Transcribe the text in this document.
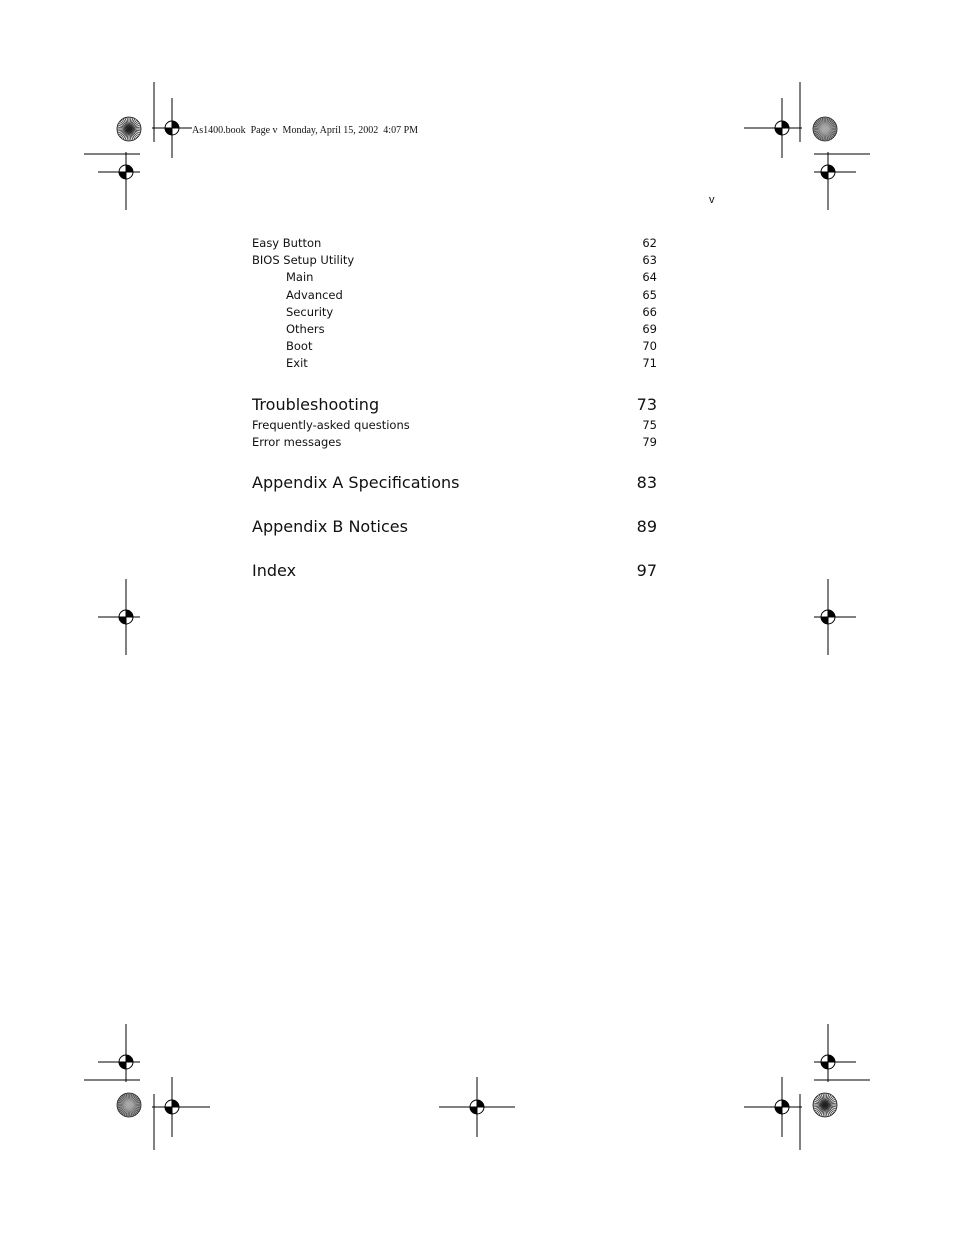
As1400.book  Page v  Monday, April 15, 2002  4:07 PM
v
Easy Button	62
BIOS Setup Utility	63
Main	64
Advanced	65
Security	66
Others	69
Boot	70
Exit	71
Troubleshooting	73
Frequently-asked questions	75
Error messages	79
Appendix A Specifications	83
Appendix B Notices	89
Index	97
